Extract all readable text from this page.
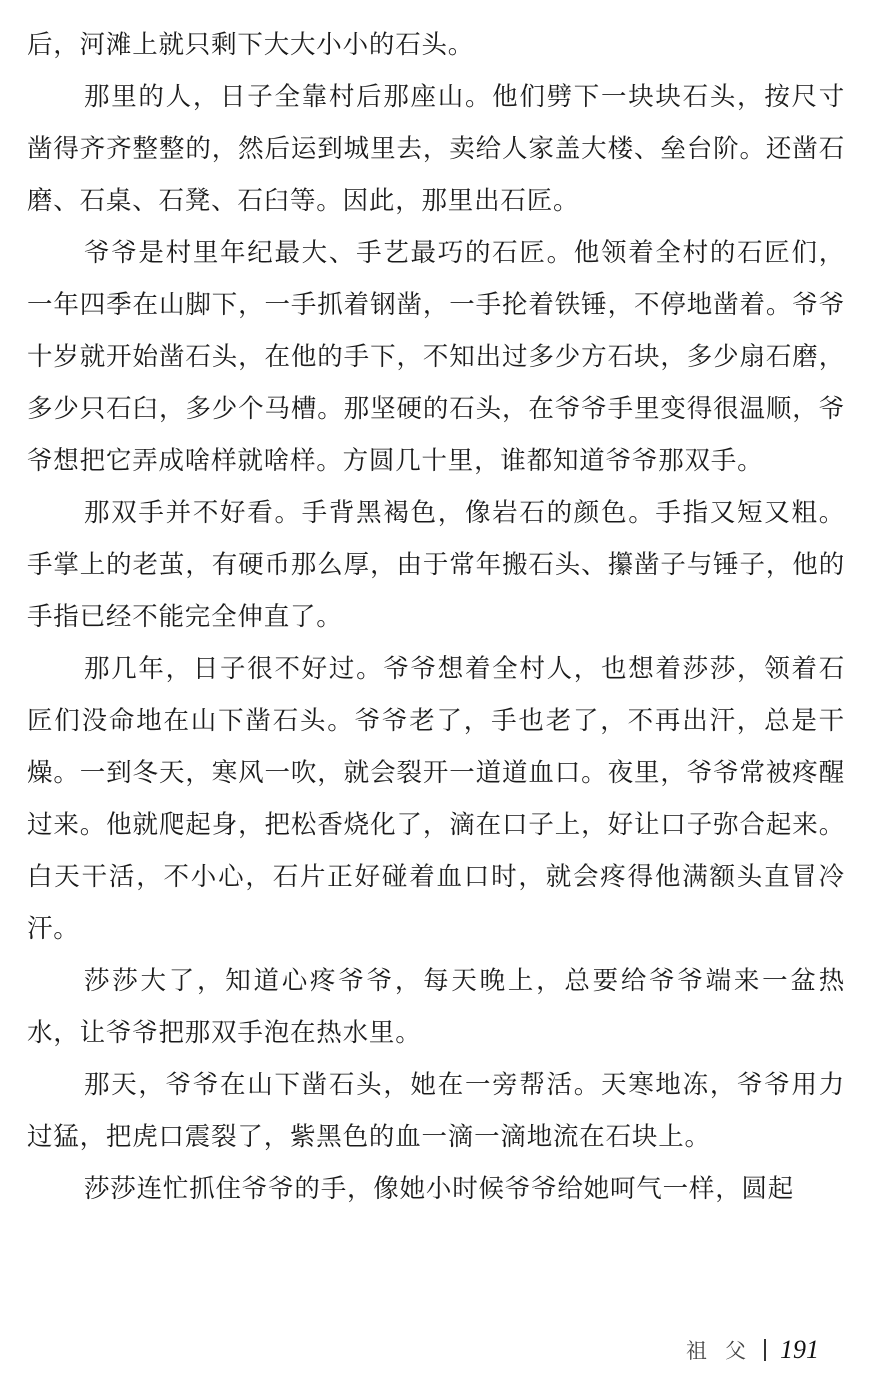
后，河滩上就只剩下大大小小的石头。

那里的人，日子全靠村后那座山。他们劈下一块块石头，按尺寸凿得齐齐整整的，然后运到城里去，卖给人家盖大楼、垒台阶。还凿石磨、石桌、石凳、石臼等。因此，那里出石匠。

爷爷是村里年纪最大、手艺最巧的石匠。他领着全村的石匠们，一年四季在山脚下，一手抓着钢凿，一手抡着铁锤，不停地凿着。爷爷十岁就开始凿石头，在他的手下，不知出过多少方石块，多少扇石磨，多少只石臼，多少个马槽。那坚硬的石头，在爷爷手里变得很温顺，爷爷想把它弄成啥样就啥样。方圆几十里，谁都知道爷爷那双手。

那双手并不好看。手背黑褐色，像岩石的颜色。手指又短又粗。手掌上的老茧，有硬币那么厚，由于常年搬石头、攥凿子与锤子，他的手指已经不能完全伸直了。

那几年，日子很不好过。爷爷想着全村人，也想着莎莎，领着石匠们没命地在山下凿石头。爷爷老了，手也老了，不再出汗，总是干燥。一到冬天，寒风一吹，就会裂开一道道血口。夜里，爷爷常被疼醒过来。他就爬起身，把松香烧化了，滴在口子上，好让口子弥合起来。白天干活，不小心，石片正好碰着血口时，就会疼得他满额头直冒冷汗。

莎莎大了，知道心疼爷爷，每天晚上，总要给爷爷端来一盆热水，让爷爷把那双手泡在热水里。

那天，爷爷在山下凿石头，她在一旁帮活。天寒地冻，爷爷用力过猛，把虎口震裂了，紫黑色的血一滴一滴地流在石块上。

莎莎连忙抓住爷爷的手，像她小时候爷爷给她呵气一样，圆起

祖父 191
